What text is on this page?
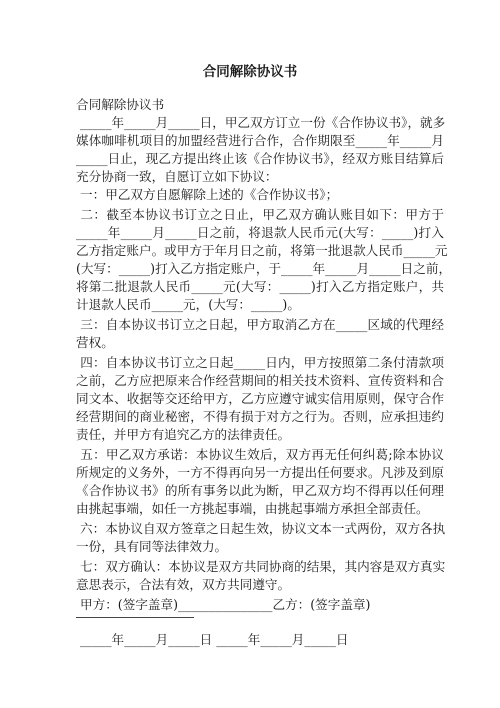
合同解除协议书
合同解除协议书
_____年_____月_____日，甲乙双方订立一份《合作协议书》，就多
媒体咖啡机项目的加盟经营进行合作，合作期限至_____年_____月
_____日止，现乙方提出终止该《合作协议书》，经双方账目结算后
充分协商一致，自愿订立如下协议：
一：甲乙双方自愿解除上述的《合作协议书》；
二：截至本协议书订立之日止，甲乙双方确认账目如下：甲方于
_____年_____月_____日之前，将退款人民币元(大写：_____)打入
乙方指定账户。或甲方于年月日之前，将第一批退款人民币_____元
(大写：_____)打入乙方指定账户，于_____年_____月_____日之前，
将第二批退款人民币_____元(大写：_____)打入乙方指定账户，共
计退款人民币_____元，(大写：_____)。
三：自本协议书订立之日起，甲方取消乙方在_____区域的代理经
营权。
四：自本协议书订立之日起_____日内，甲方按照第二条付清款项
之前，乙方应把原来合作经营期间的相关技术资料、宣传资料和合
同文本、收据等交还给甲方，乙方应遵守诚实信用原则，保守合作
经营期间的商业秘密，不得有损于对方之行为。否则，应承担违约
责任，并甲方有追究乙方的法律责任。
五：甲乙双方承诺：本协议生效后，双方再无任何纠葛;除本协议
所规定的义务外，一方不得再向另一方提出任何要求。凡涉及到原
《合作协议书》的所有事务以此为断，甲乙双方均不得再以任何理
由挑起事端，如任一方挑起事端，由挑起事端方承担全部责任。
六：本协议自双方签章之日起生效，协议文本一式两份，双方各执
一份，具有同等法律效力。
七：双方确认：本协议是双方共同协商的结果，其内容是双方真实
意思表示，合法有效，双方共同遵守。
甲方：(签字盖章)_______________乙方：(签字盖章)
_____年_____月_____日 _____年_____月_____日
